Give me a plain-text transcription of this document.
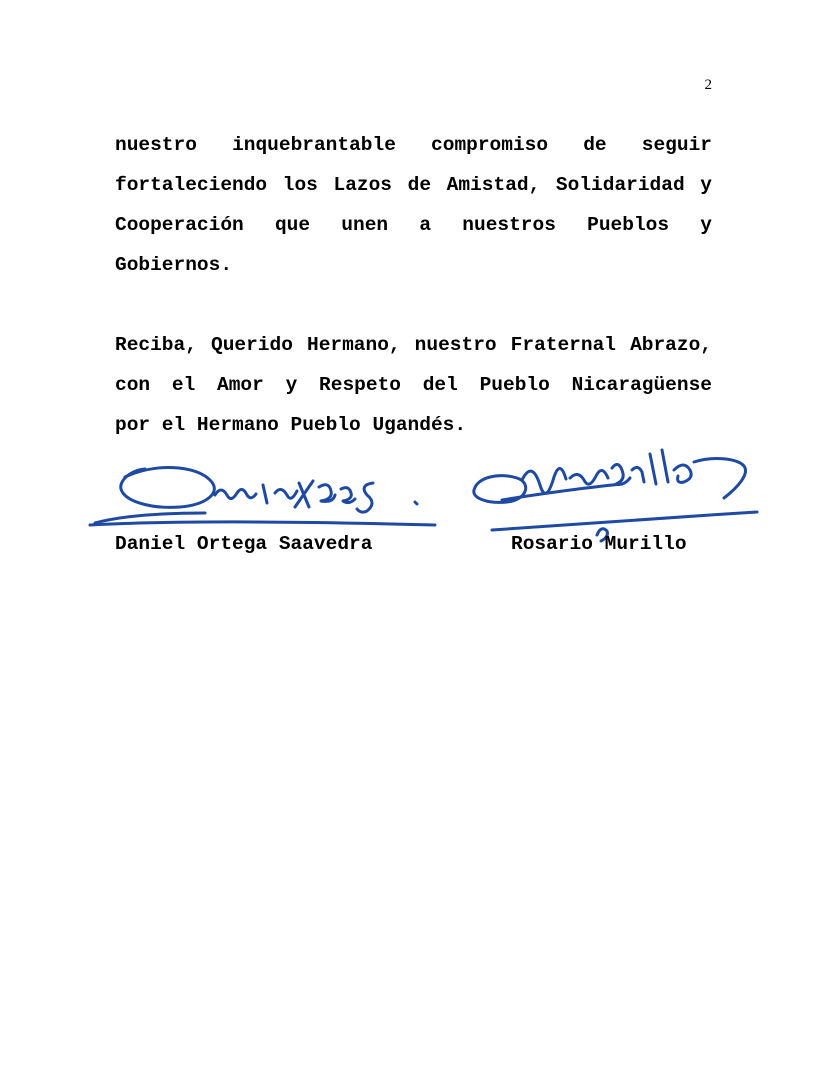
2
nuestro inquebrantable compromiso de seguir
fortaleciendo los Lazos de Amistad, Solidaridad y
Cooperación que unen a nuestros Pueblos y
Gobiernos.
Reciba, Querido Hermano, nuestro Fraternal Abrazo,
con el Amor y Respeto del Pueblo Nicaragüense
por el Hermano Pueblo Ugandés.
Daniel Ortega Saavedra	Rosario Murillo
